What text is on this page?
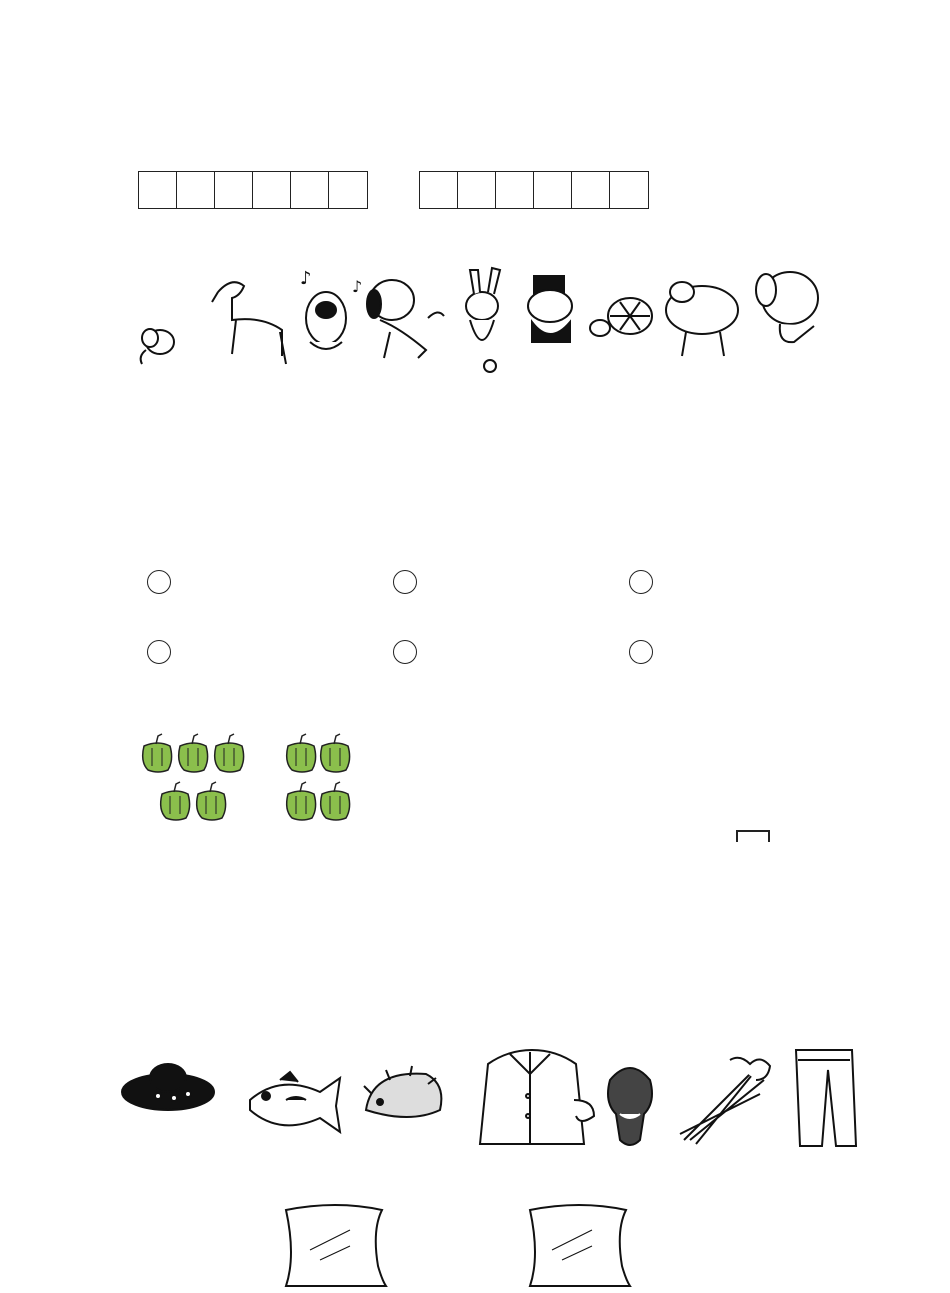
♪	♪
